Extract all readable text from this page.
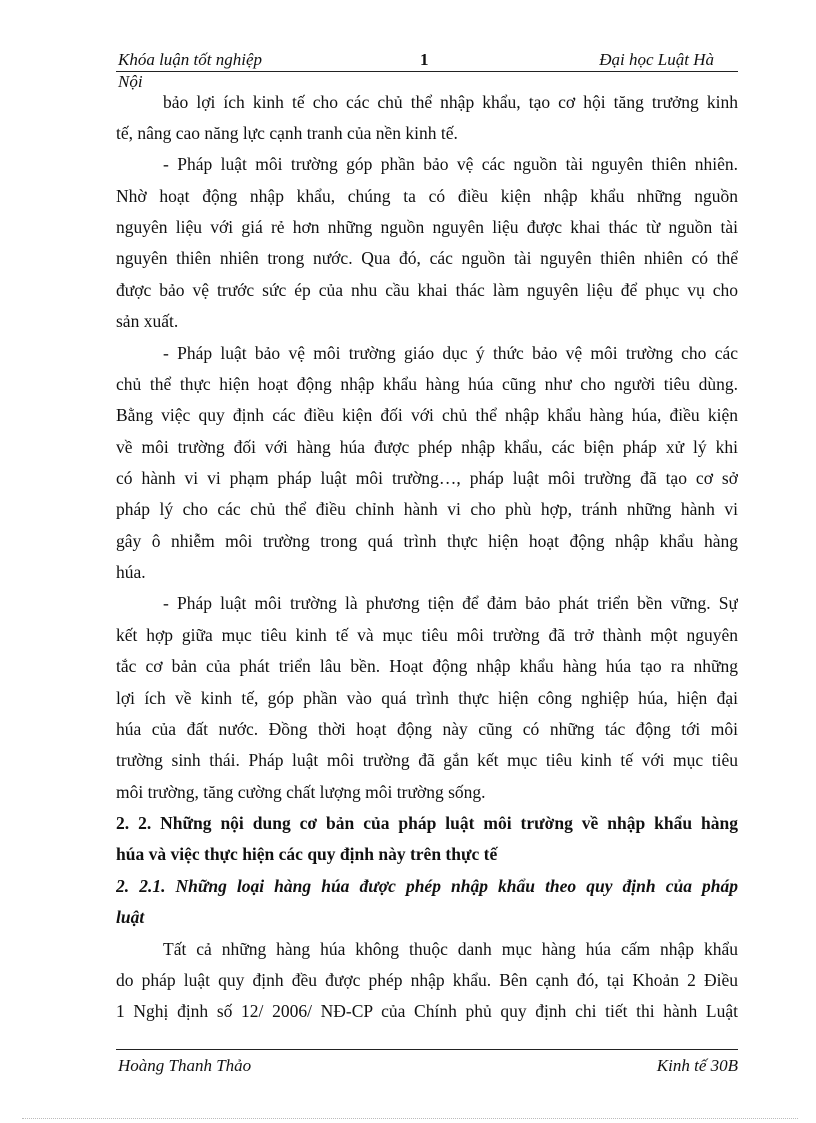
Khóa luận tốt nghiệp	1	Đại học Luật Hà
Nội
bảo lợi ích kinh tế cho các chủ thể nhập khẩu, tạo cơ hội tăng trưởng kinh
tế, nâng cao năng lực cạnh tranh của nền kinh tế.
- Pháp luật môi trường góp phần bảo vệ các nguồn tài nguyên thiên nhiên.
Nhờ hoạt động nhập khẩu, chúng ta có điều kiện nhập khẩu những nguồn
nguyên liệu với giá rẻ hơn những nguồn nguyên liệu được khai thác từ nguồn tài
nguyên thiên nhiên trong nước. Qua đó, các nguồn tài nguyên thiên nhiên có thể
được bảo vệ trước sức ép của nhu cầu khai thác làm nguyên liệu để phục vụ cho
sản xuất.
- Pháp luật bảo vệ môi trường giáo dục ý thức bảo vệ môi trường cho các
chủ thể thực hiện hoạt động nhập khẩu hàng húa cũng như cho người tiêu dùng.
Bằng việc quy định các điều kiện đối với chủ thể nhập khẩu hàng húa, điều kiện
về môi trường đối với hàng húa được phép nhập khẩu, các biện pháp xử lý khi
có hành vi vi phạm pháp luật môi trường…, pháp luật môi trường đã tạo cơ sở
pháp lý cho các chủ thể điều chỉnh hành vi cho phù hợp, tránh những hành vi
gây ô nhiễm môi trường trong quá trình thực hiện hoạt động nhập khẩu hàng
húa.
- Pháp luật môi trường là phương tiện để đảm bảo phát triển bền vững. Sự
kết hợp giữa mục tiêu kinh tế và mục tiêu môi trường đã trở thành một nguyên
tắc cơ bản của phát triển lâu bền. Hoạt động nhập khẩu hàng húa tạo ra những
lợi ích về kinh tế, góp phần vào quá trình thực hiện công nghiệp húa, hiện đại
húa của đất nước. Đồng thời hoạt động này cũng có những tác động tới môi
trường sinh thái. Pháp luật môi trường đã gắn kết mục tiêu kinh tế với mục tiêu
môi trường, tăng cường chất lượng môi trường sống.
2. 2. Những nội dung cơ bản của pháp luật môi trường về nhập khẩu hàng
húa và việc thực hiện các quy định này trên thực tế
2. 2.1. Những loại hàng húa được phép nhập khẩu theo quy định của pháp
luật
Tất cả những hàng húa không thuộc danh mục hàng húa cấm nhập khẩu
do pháp luật quy định đều được phép nhập khẩu. Bên cạnh đó, tại Khoản 2 Điều
1 Nghị định số 12/ 2006/ NĐ-CP của Chính phủ quy định chi tiết thi hành Luật
Hoàng Thanh Thảo	Kinh tế 30B
